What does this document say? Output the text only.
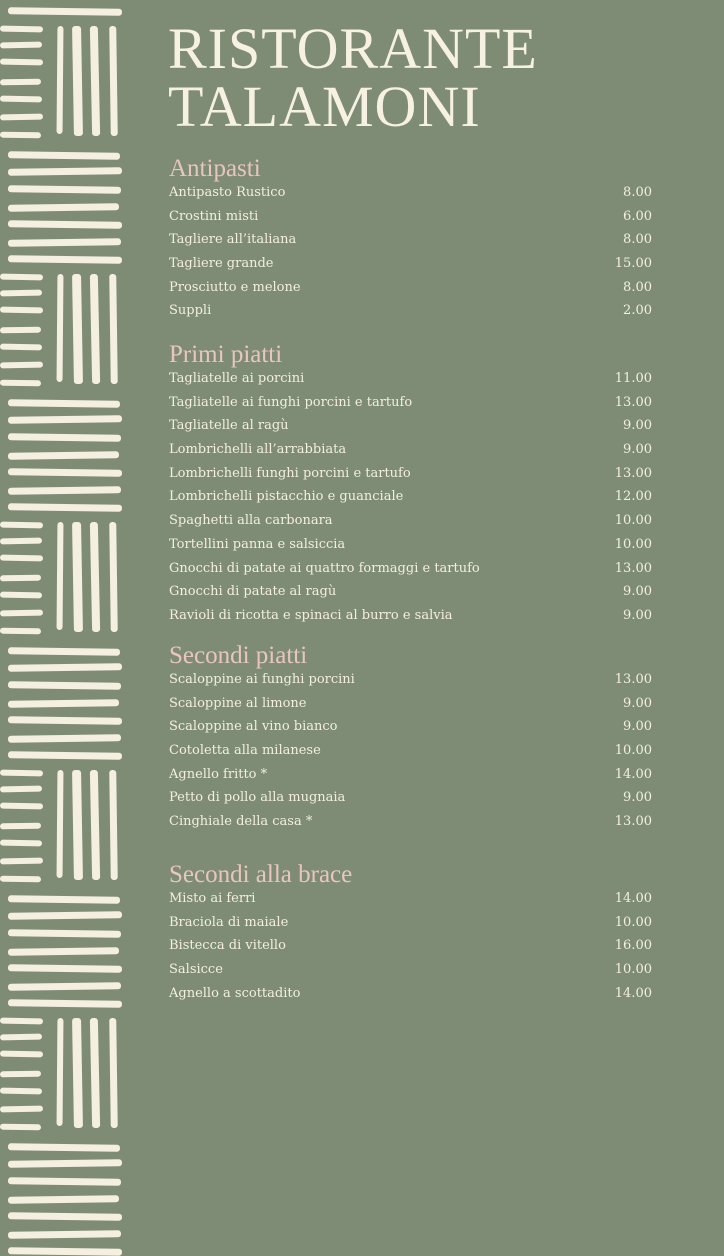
RISTORANTE
TALAMONI
Antipasti
Antipasto Rustico	8.00
Crostini misti	6.00
Tagliere all’italiana	8.00
Tagliere grande	15.00
Prosciutto e melone	8.00
Suppli	2.00
Primi piatti
Tagliatelle ai porcini	11.00
Tagliatelle ai funghi porcini e tartufo	13.00
Tagliatelle al ragù	9.00
Lombrichelli all’arrabbiata	9.00
Lombrichelli funghi porcini e tartufo	13.00
Lombrichelli pistacchio e guanciale	12.00
Spaghetti alla carbonara	10.00
Tortellini panna e salsiccia	10.00
Gnocchi di patate ai quattro formaggi e tartufo	13.00
Gnocchi di patate al ragù	9.00
Ravioli di ricotta e spinaci al burro e salvia	9.00
Secondi piatti
Scaloppine ai funghi porcini	13.00
Scaloppine al limone	9.00
Scaloppine al vino bianco	9.00
Cotoletta alla milanese	10.00
Agnello fritto *	14.00
Petto di pollo alla mugnaia	9.00
Cinghiale della casa *	13.00
Secondi alla brace
Misto ai ferri	14.00
Braciola di maiale	10.00
Bistecca di vitello	16.00
Salsicce	10.00
Agnello a scottadito	14.00
